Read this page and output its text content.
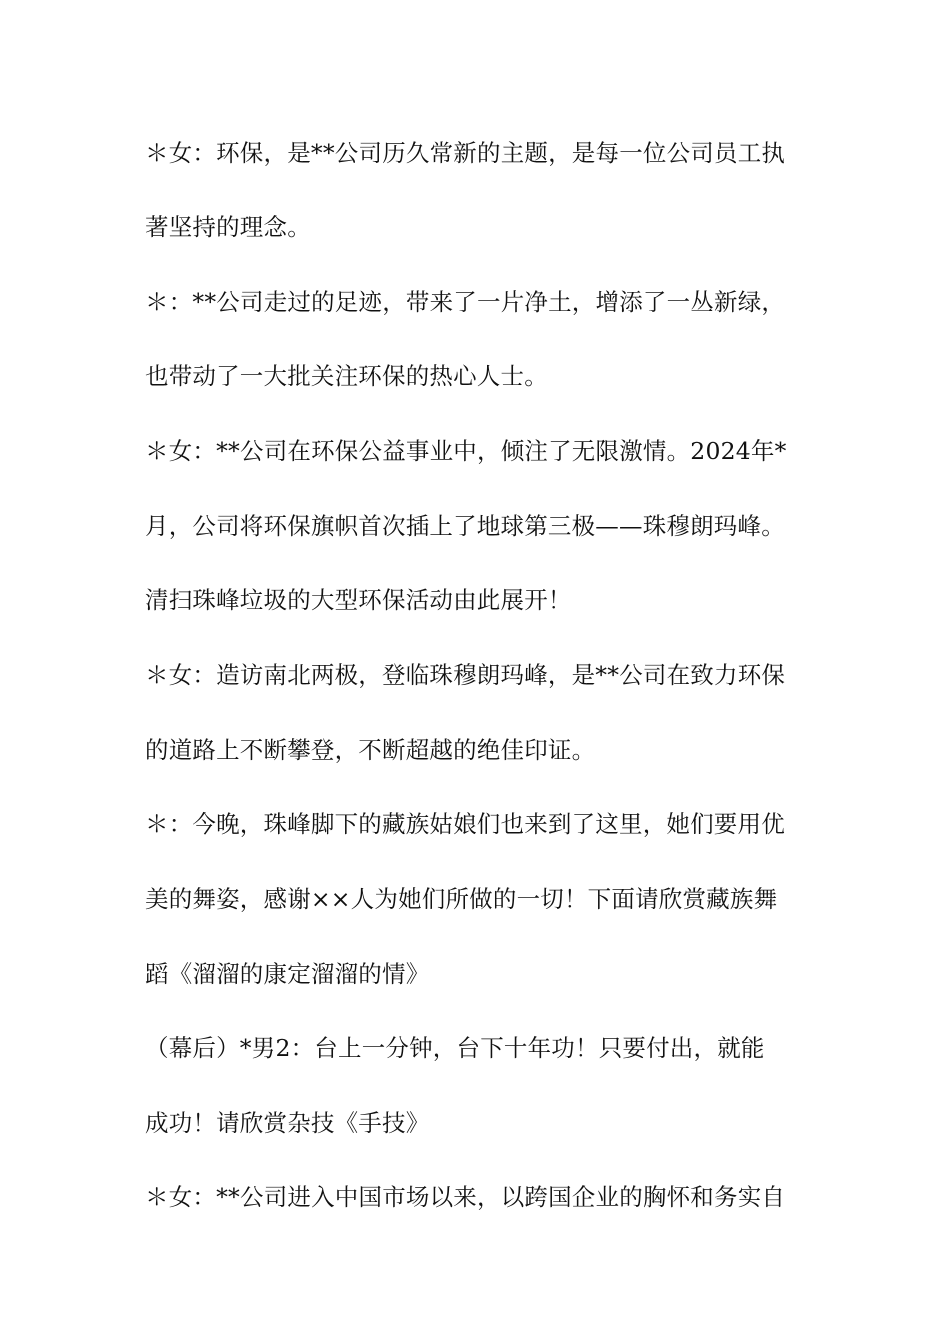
＊女：环保，是**公司历久常新的主题，是每一位公司员工执
著坚持的理念。
＊：**公司走过的足迹，带来了一片净土，增添了一丛新绿，
也带动了一大批关注环保的热心人士。
＊女：**公司在环保公益事业中，倾注了无限激情。2024年*
月，公司将环保旗帜首次插上了地球第三极——珠穆朗玛峰。
清扫珠峰垃圾的大型环保活动由此展开！
＊女：造访南北两极，登临珠穆朗玛峰，是**公司在致力环保
的道路上不断攀登，不断超越的绝佳印证。
＊：今晚，珠峰脚下的藏族姑娘们也来到了这里，她们要用优
美的舞姿，感谢××人为她们所做的一切！下面请欣赏藏族舞
蹈《溜溜的康定溜溜的情》
（幕后）*男2：台上一分钟，台下十年功！只要付出，就能
成功！请欣赏杂技《手技》
＊女：**公司进入中国市场以来，以跨国企业的胸怀和务实自
